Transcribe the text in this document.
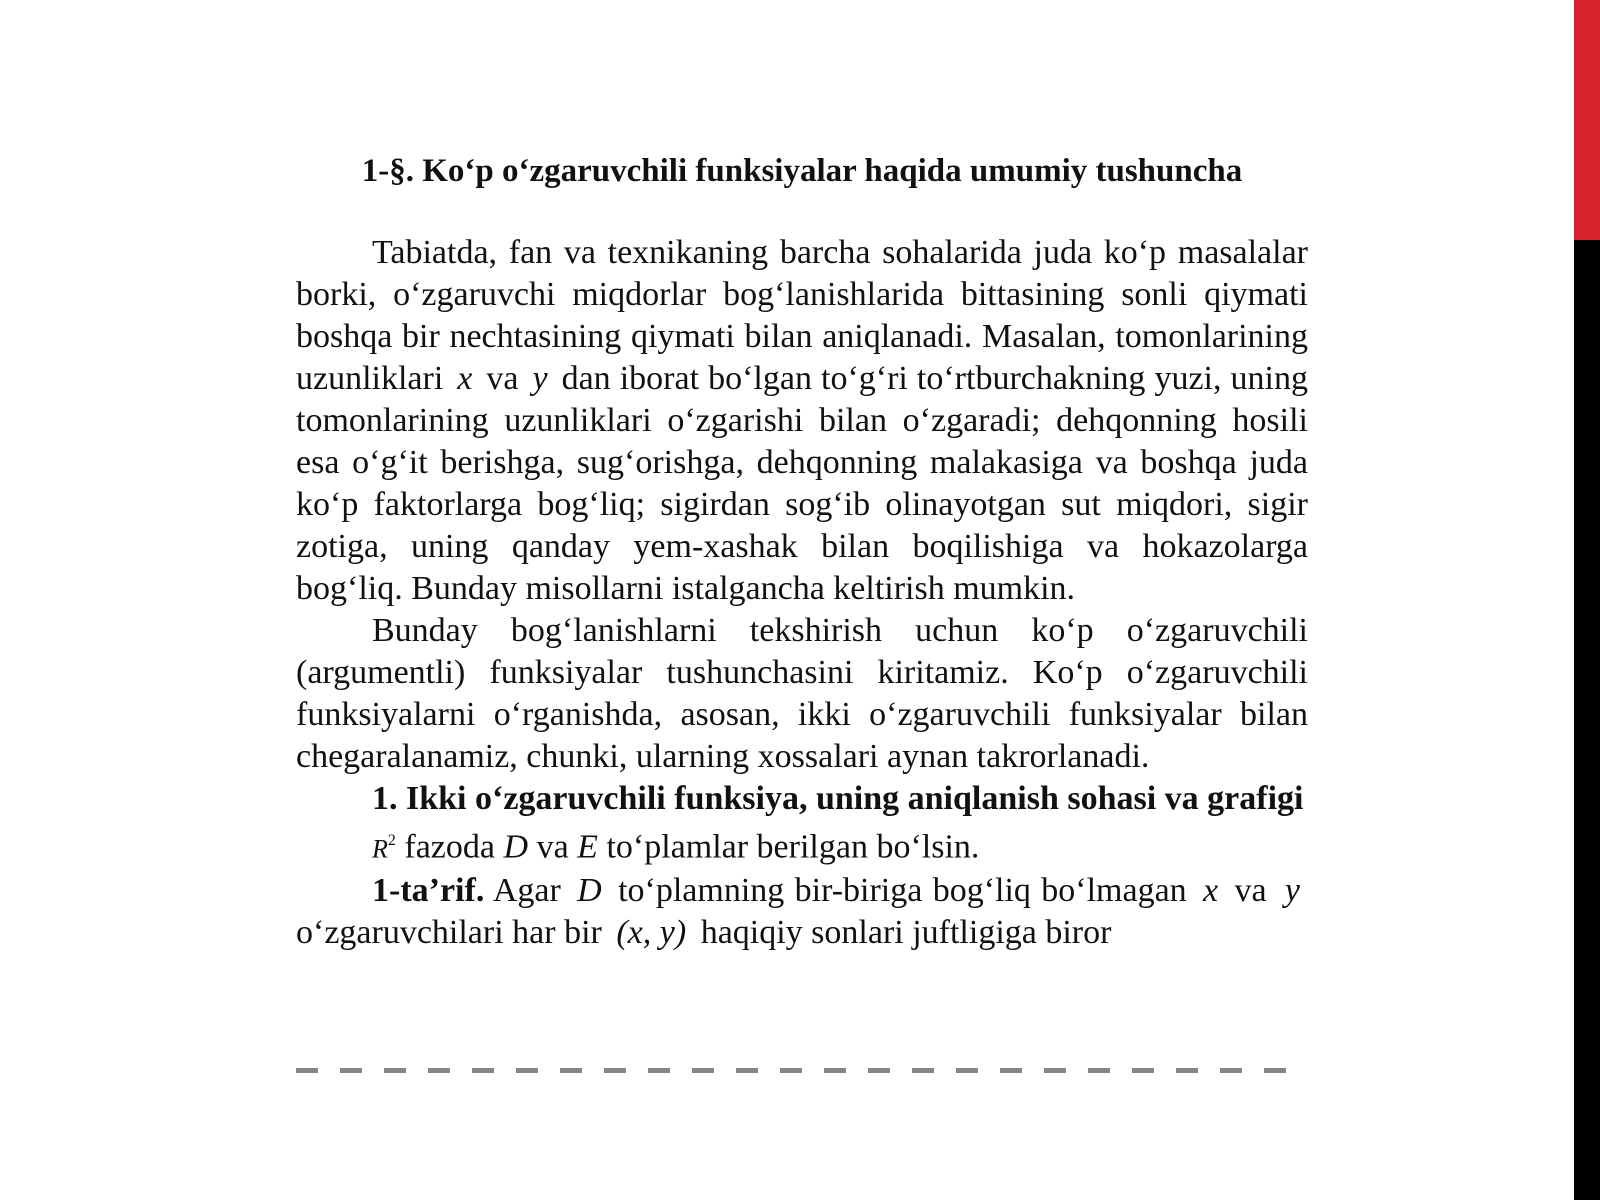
1-§. Koʻp oʻzgaruvchili funksiyalar haqida umumiy tushuncha

Tabiatda, fan va texnikaning barcha sohalarida juda koʻp masalalar borki, oʻzgaruvchi miqdorlar bogʻlanishlarida bittasining sonli qiymati boshqa bir nechtasining qiymati bilan aniqlanadi. Masalan, tomonlarining uzunliklari x va y dan iborat boʻlgan toʻgʻri toʻrtburchakning yuzi, uning tomonlarining uzunliklari oʻzgarishi bilan oʻzgaradi; dehqonning hosili esa oʻgʻit berishga, sugʻorishga, dehqonning malakasiga va boshqa juda koʻp faktorlarga bogʻliq; sigirdan sogʻib olinayotgan sut miqdori, sigir zotiga, uning qanday yem-xashak bilan boqilishiga va hokazolarga bogʻliq. Bunday misollarni istalgancha keltirish mumkin.

Bunday bogʻlanishlarni tekshirish uchun koʻp oʻzgaruvchili (argumentli) funksiyalar tushunchasini kiritamiz. Koʻp oʻzgaruvchili funksiyalarni oʻrganishda, asosan, ikki oʻzgaruvchili funksiyalar bilan chegaralanamiz, chunki, ularning xossalari aynan takrorlanadi.

1. Ikki oʻzgaruvchili funksiya, uning aniqlanish sohasi va grafigi

$R^2$ fazoda D va E toʻplamlar berilgan boʻlsin.

1-ta’rif. Agar D toʻplamning bir-biriga bogʻliq boʻlmagan x va y oʻzgaruvchilari har bir (x, y) haqiqiy sonlari juftligiga biror
